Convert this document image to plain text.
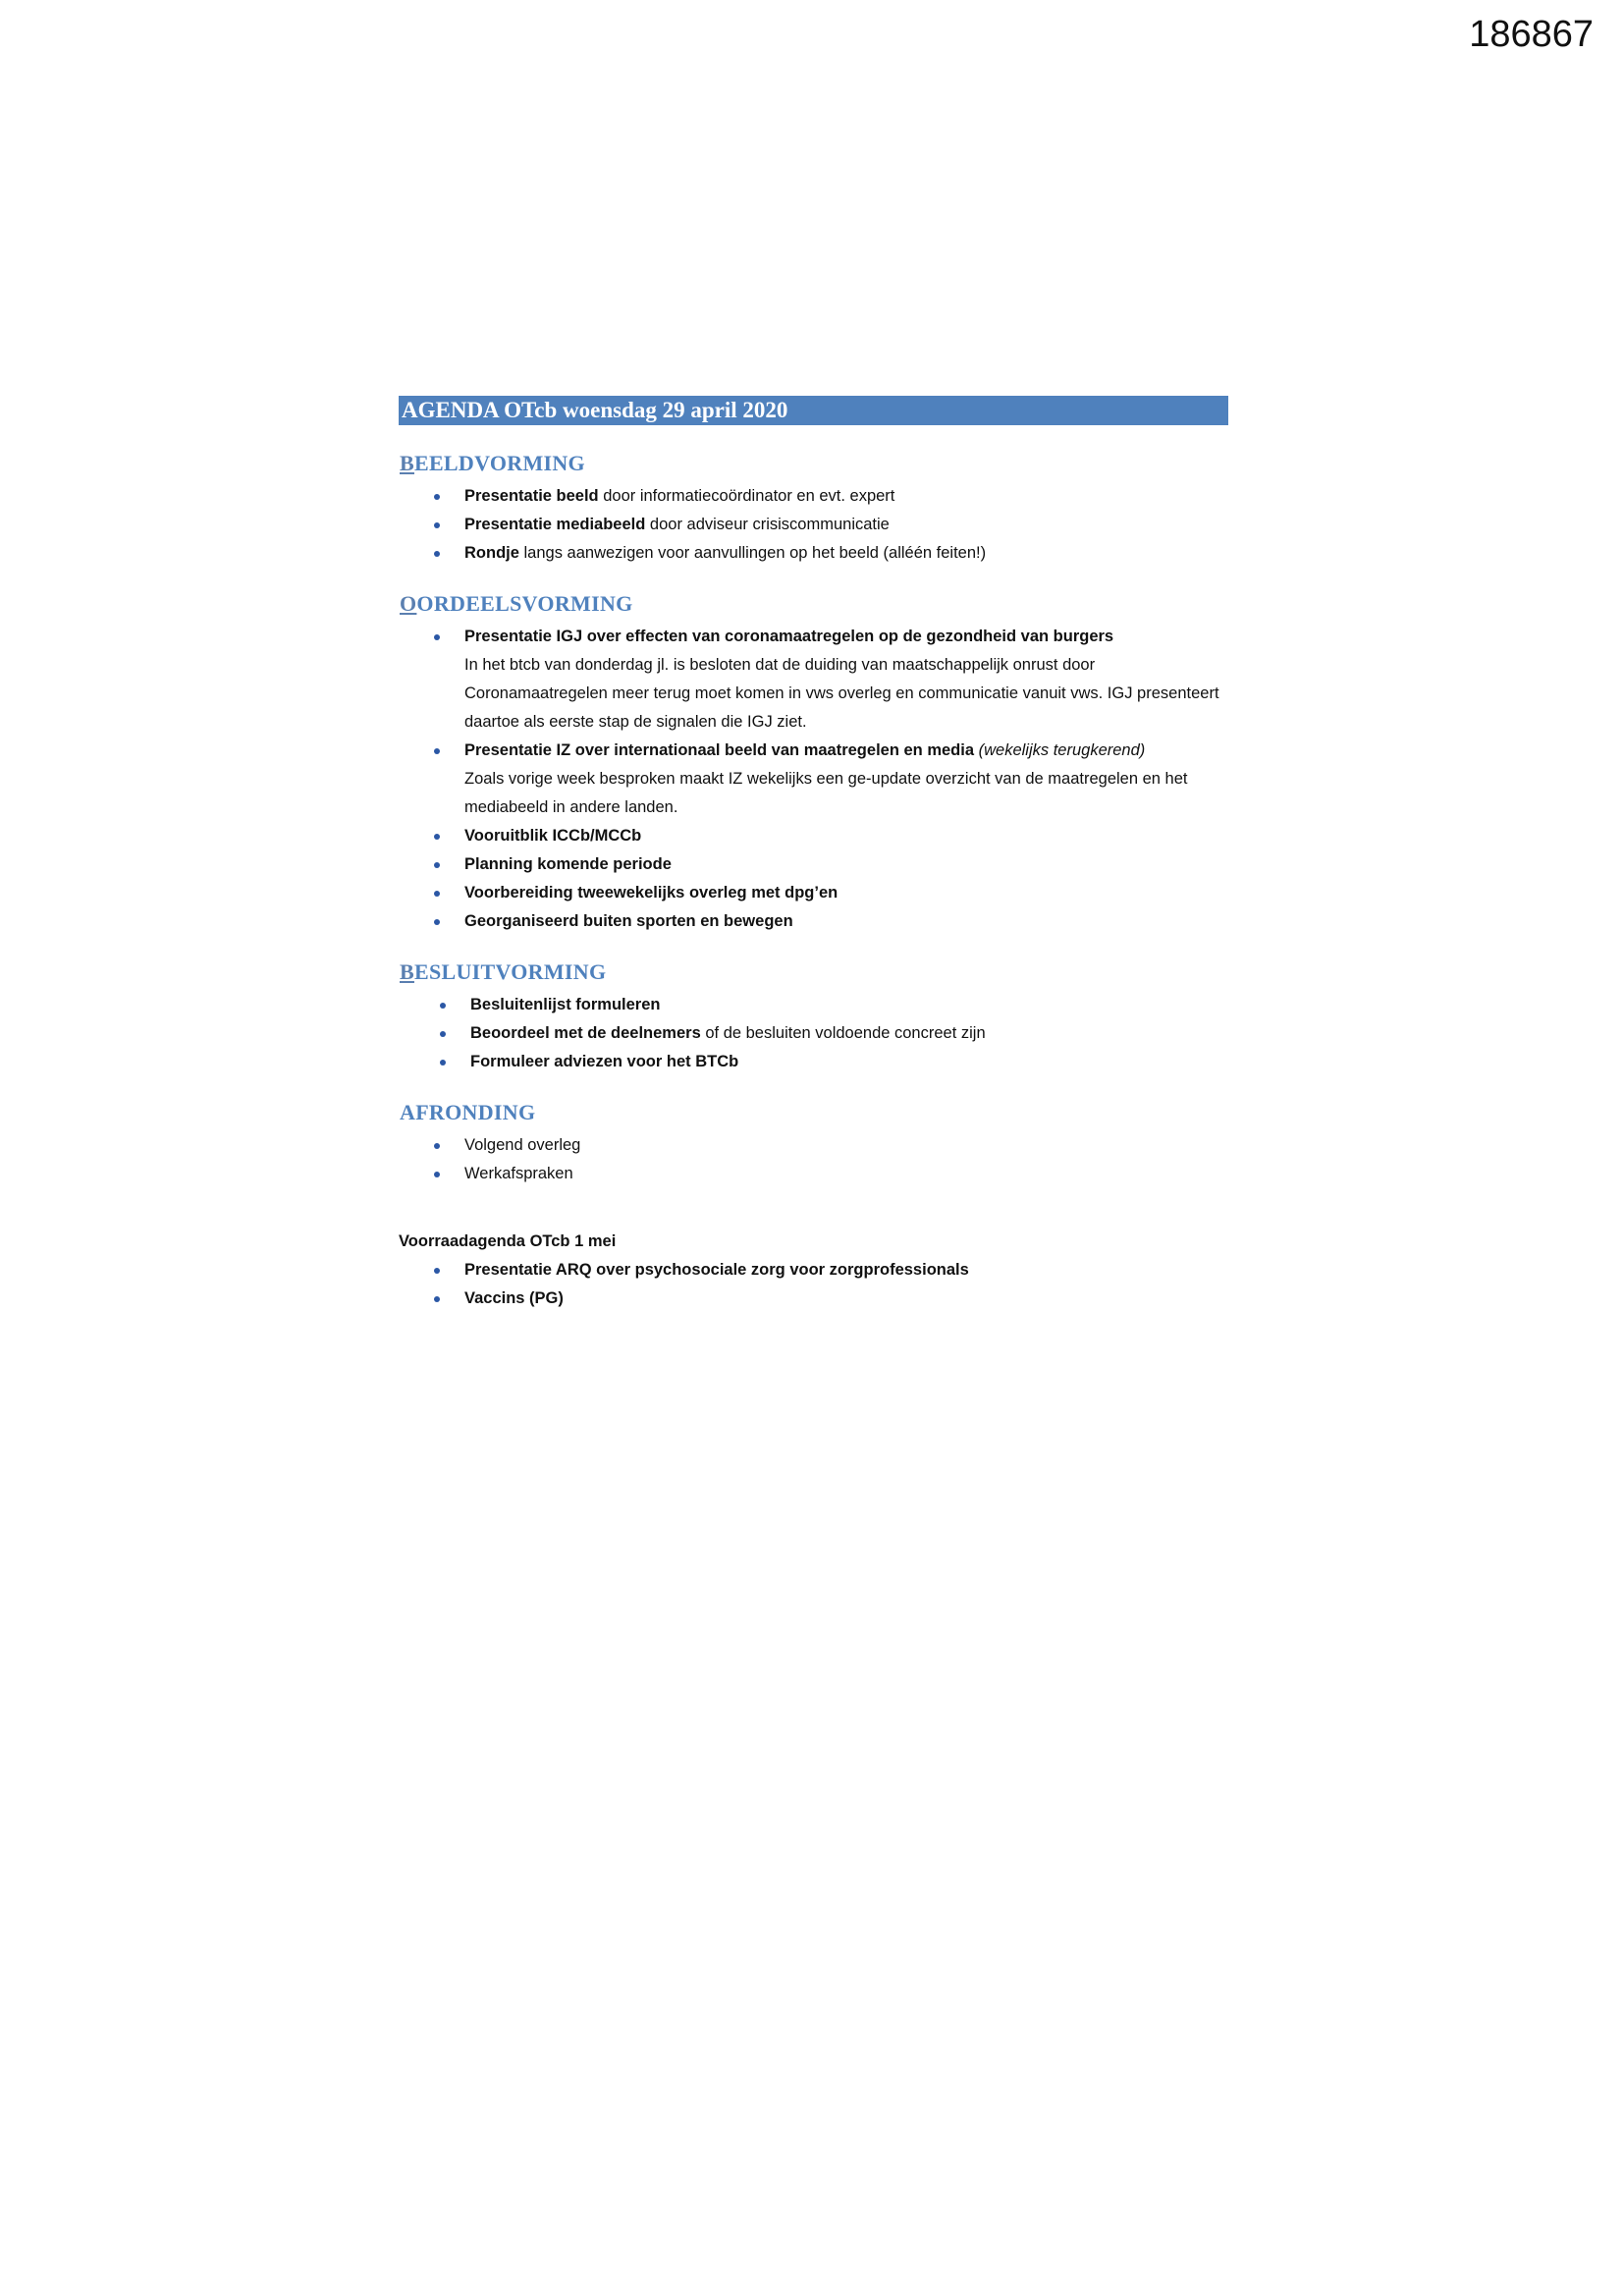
186867
AGENDA OTcb woensdag 29 april 2020
BEELDVORMING
Presentatie beeld door informatiecoördinator en evt. expert
Presentatie mediabeeld door adviseur crisiscommunicatie
Rondje langs aanwezigen voor aanvullingen op het beeld (alléén feiten!)
OORDEELSVORMING
Presentatie IGJ over effecten van coronamaatregelen op de gezondheid van burgers
In het btcb van donderdag jl. is besloten dat de duiding van maatschappelijk onrust door Coronamaatregelen meer terug moet komen in vws overleg en communicatie vanuit vws. IGJ presenteert daartoe als eerste stap de signalen die IGJ ziet.
Presentatie IZ over internationaal beeld van maatregelen en media (wekelijks terugkerend)
Zoals vorige week besproken maakt IZ wekelijks een ge-update overzicht van de maatregelen en het mediabeeld in andere landen.
Vooruitblik ICCb/MCCb
Planning komende periode
Voorbereiding tweewekelijks overleg met dpg’en
Georganiseerd buiten sporten en bewegen
BESLUITVORMING
Besluitenlijst formuleren
Beoordeel met de deelnemers of de besluiten voldoende concreet zijn
Formuleer adviezen voor het BTCb
AFRONDING
Volgend overleg
Werkafspraken
Voorraadagenda OTcb 1 mei
Presentatie ARQ over psychosociale zorg voor zorgprofessionals
Vaccins (PG)
